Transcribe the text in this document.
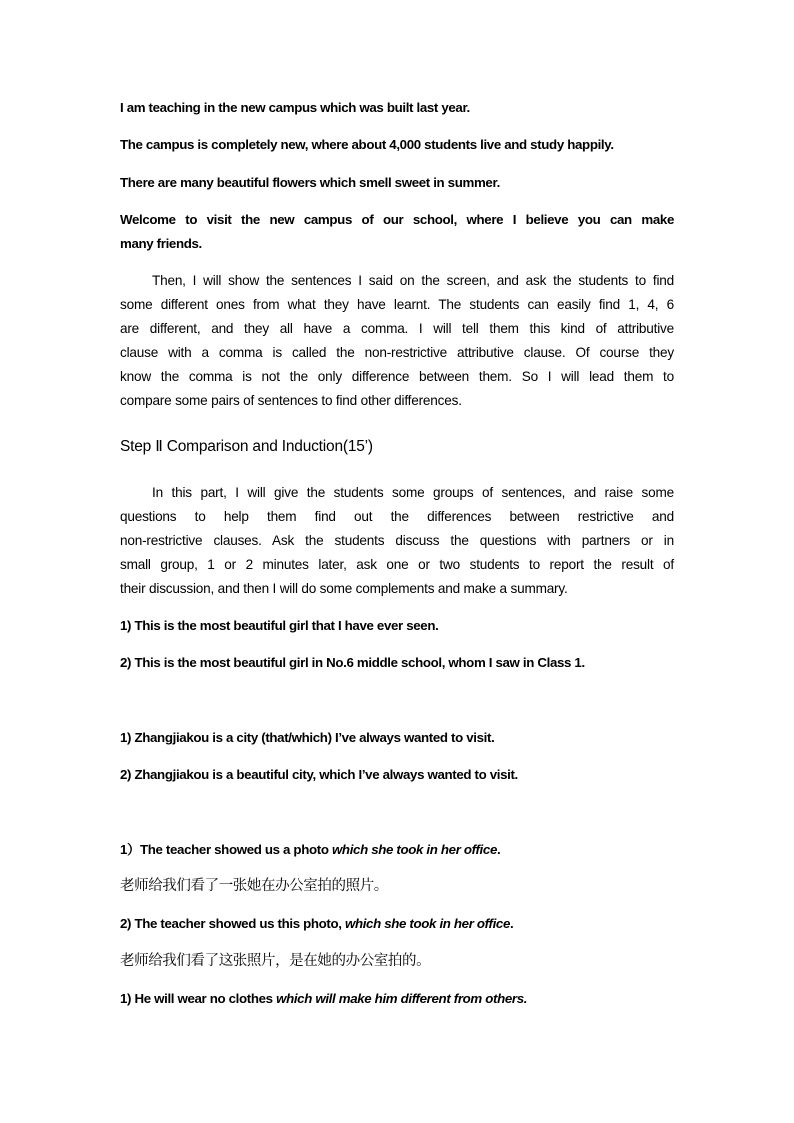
I am teaching in the new campus which was built last year.
The campus is completely new, where about 4,000 students live and study happily.
There are many beautiful flowers which smell sweet in summer.
Welcome to visit the new campus of our school, where I believe you can make
many friends.
Then, I will show the sentences I said on the screen, and ask the students to find
some different ones from what they have learnt. The students can easily find 1, 4, 6
are different, and they all have a comma. I will tell them this kind of attributive
clause with a comma is called the non-restrictive attributive clause. Of course they
know the comma is not the only difference between them. So I will lead them to
compare some pairs of sentences to find other differences.
Step Ⅱ Comparison and Induction(15’)
In this part, I will give the students some groups of sentences, and raise some
questions to help them find out the differences between restrictive and
non-restrictive clauses. Ask the students discuss the questions with partners or in
small group, 1 or 2 minutes later, ask one or two students to report the result of
their discussion, and then I will do some complements and make a summary.
1) This is the most beautiful girl that I have ever seen.
2) This is the most beautiful girl in No.6 middle school, whom I saw in Class 1.
1) Zhangjiakou is a city (that/which) I’ve always wanted to visit.
2) Zhangjiakou is a beautiful city, which I’ve always wanted to visit.
1）The teacher showed us a photo which she took in her office.
老师给我们看了一张她在办公室拍的照片。
2) The teacher showed us this photo, which she took in her office.
老师给我们看了这张照片，是在她的办公室拍的。
1) He will wear no clothes which will make him different from others.
